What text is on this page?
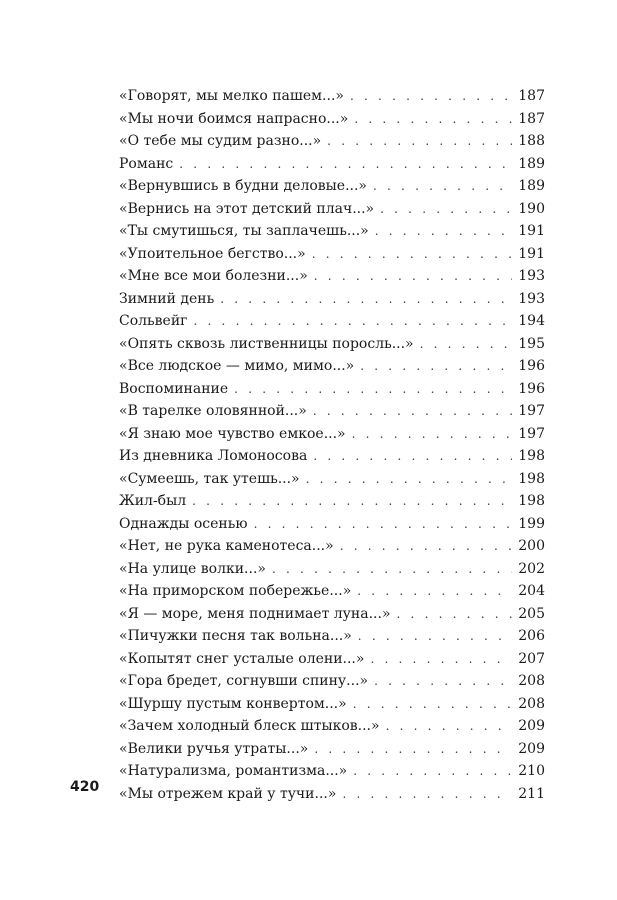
«Говорят, мы мелко пашем...» . . .	187
«Мы ночи боимся напрасно...» . . .	187
«О тебе мы судим разно...» . . .	188
Романс . . .	189
«Вернувшись в будни деловые...» . . .	189
«Вернись на этот детский плач...» . . .	190
«Ты смутишься, ты заплачешь...» . . .	191
«Упоительное бегство...» . . .	191
«Мне все мои болезни...» . . .	193
Зимний день . . .	193
Сольвейг . . .	194
«Опять сквозь лиственницы поросль...» . . .	195
«Все людское — мимо, мимо...» . . .	196
Воспоминание . . .	196
«В тарелке оловянной...» . . .	197
«Я знаю мое чувство емкое...» . . .	197
Из дневника Ломоносова . . .	198
«Сумеешь, так утешь...» . . .	198
Жил-был . . .	198
Однажды осенью . . .	199
«Нет, не рука каменотеса...» . . .	200
«На улице волки...» . . .	202
«На приморском побережье...» . . .	204
«Я — море, меня поднимает луна...» . . .	205
«Пичужки песня так вольна...» . . .	206
«Копытят снег усталые олени...» . . .	207
«Гора бредет, согнувши спину...» . . .	208
«Шуршу пустым конвертом...» . . .	208
«Зачем холодный блеск штыков...» . . .	209
«Велики ручья утраты...» . . .	209
«Натурализма, романтизма...» . . .	210
«Мы отрежем край у тучи...» . . .	211
420
